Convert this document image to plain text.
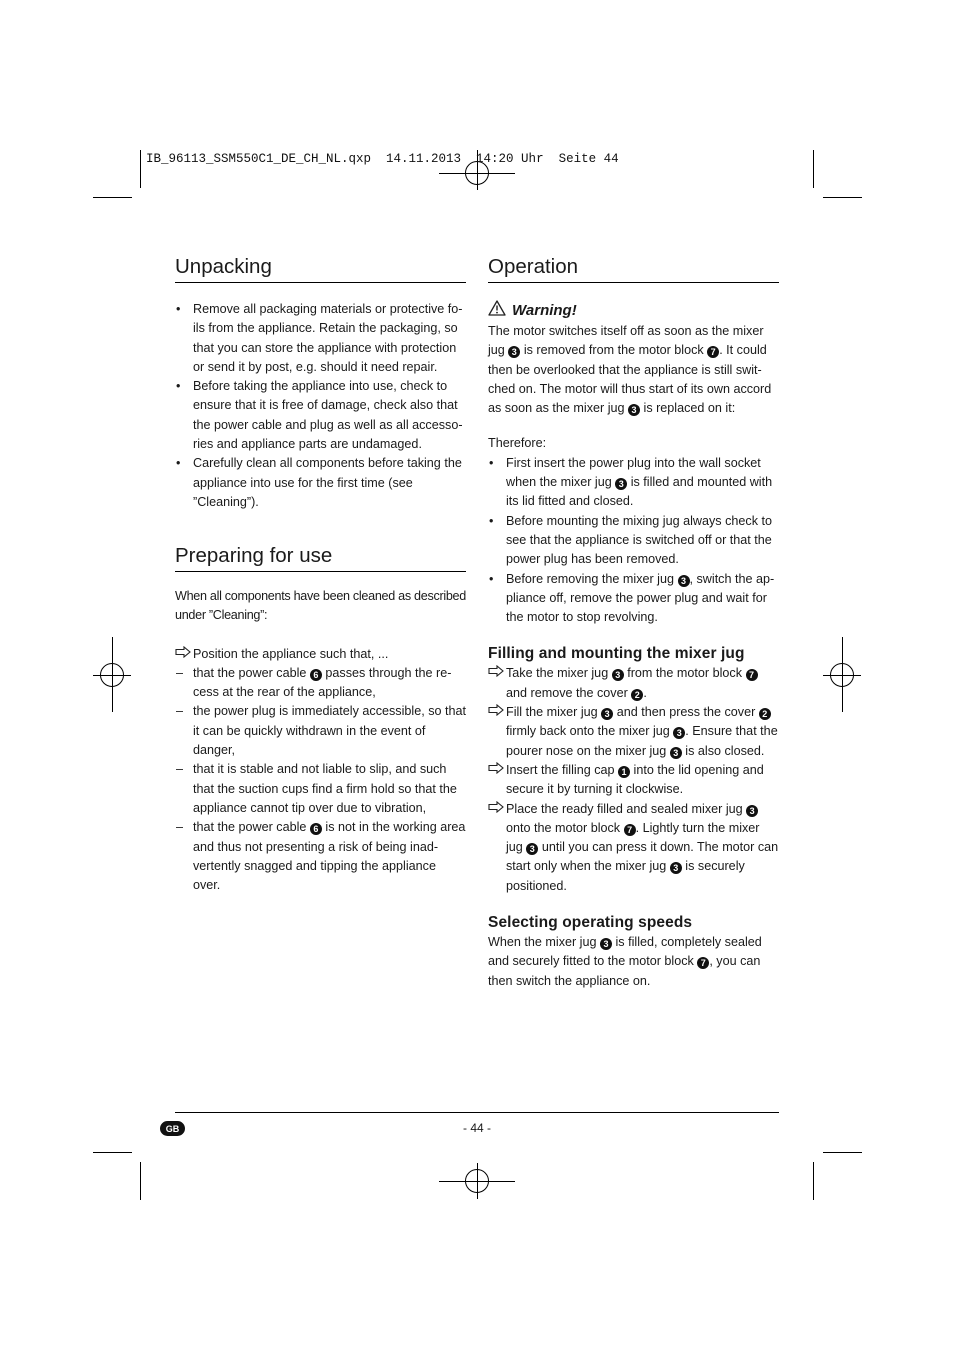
IB_96113_SSM550C1_DE_CH_NL.qxp  14.11.2013  14:20 Uhr  Seite 44
Unpacking
• Remove all packaging materials or protective fo-ils from the appliance. Retain the packaging, so that you can store the appliance with protection or send it by post, e.g. should it need repair.
• Before taking the appliance into use, check to ensure that it is free of damage, check also that the power cable and plug as well as all accesso-ries and appliance parts are undamaged.
• Carefully clean all components before taking the appliance into use for the first time (see ”Cleaning”).
Preparing for use

When all components have been cleaned as described under ”Cleaning”:

Position the appliance such that, ...
– that the power cable 6 passes through the re-cess at the rear of the appliance,
– the power plug is immediately accessible, so that it can be quickly withdrawn in the event of danger,
– that it is stable and not liable to slip, and such that the suction cups find a firm hold so that the appliance cannot tip over due to vibration,
– that the power cable 6 is not in the working area and thus not presenting a risk of being inad-vertently snagged and tipping the appliance over.
Operation
Warning!

The motor switches itself off as soon as the mixer jug 3 is removed from the motor block 7 . It could then be overlooked that the appliance is still swit-ched on. The motor will thus start of its own accord as soon as the mixer jug 3 is replaced on it:

Therefore:

• First insert the power plug into the wall socket when the mixer jug 3 is filled and mounted with its lid fitted and closed.
• Before mounting the mixing jug always check to see that the appliance is switched off or that the power plug has been removed.
• Before removing the mixer jug 3 , switch the ap-pliance off, remove the power plug and wait for the motor to stop revolving.
Filling and mounting the mixer jug
Take the mixer jug 3 from the motor block 7 and remove the cover 2 .
Fill the mixer jug 3 and then press the cover 2 firmly back onto the mixer jug 3 . Ensure that the pourer nose on the mixer jug 3 is also closed.
Insert the filling cap 1 into the lid opening and secure it by turning it clockwise.
Place the ready filled and sealed mixer jug 3 onto the motor block 7 . Lightly turn the mixer jug 3 until you can press it down. The motor can start only when the mixer jug 3 is securely positioned.
Selecting operating speeds

When the mixer jug 3 is filled, completely sealed and securely fitted to the motor block 7 , you can then switch the appliance on.

GB	- 44 -
